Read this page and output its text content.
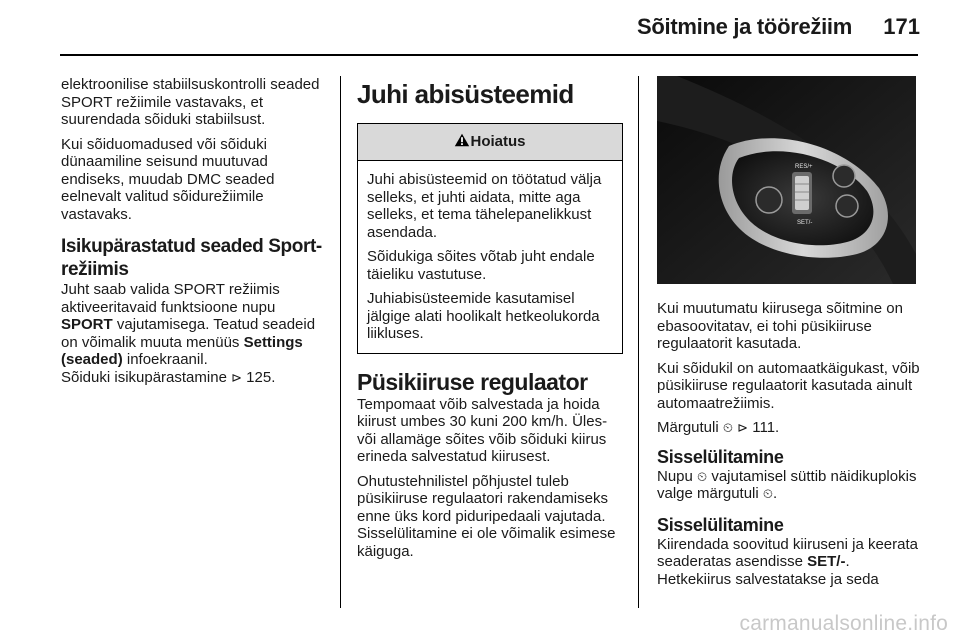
Sõitmine ja töörežiim	171

elektroonilise stabiilsuskontrolli seaded SPORT režiimile vastavaks, et suurendada sõiduki stabiilsust.

Kui sõiduomadused või sõiduki dünaamiline seisund muutuvad endiseks, muudab DMC seaded eelnevalt valitud sõidurežiimile vastavaks.

Isikupärastatud seaded Sport-režiimis

Juht saab valida SPORT režiimis aktiveeritavaid funktsioone nupu SPORT vajutamisega. Teatud seadeid on võimalik muuta menüüs Settings (seaded) infoekraanil.
Sõiduki isikupärastamine ⊳ 125.

Juhi abisüsteemid
Hoiatus

Juhi abisüsteemid on töötatud välja selleks, et juhti aidata, mitte aga selleks, et tema tähelepanelikkust asendada.

Sõidukiga sõites võtab juht endale täieliku vastutuse.

Juhiabisüsteemide kasutamisel jälgige alati hoolikalt hetkeolukorda liikluses.

Püsikiiruse regulaator

Tempomaat võib salvestada ja hoida kiirust umbes 30 kuni 200 km/h. Üles- või allamäge sõites võib sõiduki kiirus erineda salvestatud kiirusest.

Ohutustehnilistel põhjustel tuleb püsikiiruse regulaatori rakendamiseks enne üks kord piduripedaali vajutada.

Sisselülitamine ei ole võimalik esimese käiguga.

RES/+
SET/-

Kui muutumatu kiirusega sõitmine on ebasoovitatav, ei tohi püsikiiruse regulaatorit kasutada.

Kui sõidukil on automaatkäigukast, võib püsikiiruse regulaatorit kasutada ainult automaatrežiimis.

Märgutuli ⏲ ⊳ 111.

Sisselülitamine

Nupu ⏲ vajutamisel süttib näidikuplokis valge märgutuli ⏲.

Sisselülitamine

Kiirendada soovitud kiiruseni ja keerata seaderatas asendisse SET/-.
Hetkekiirus salvestatakse ja seda

carmanualsonline.info
